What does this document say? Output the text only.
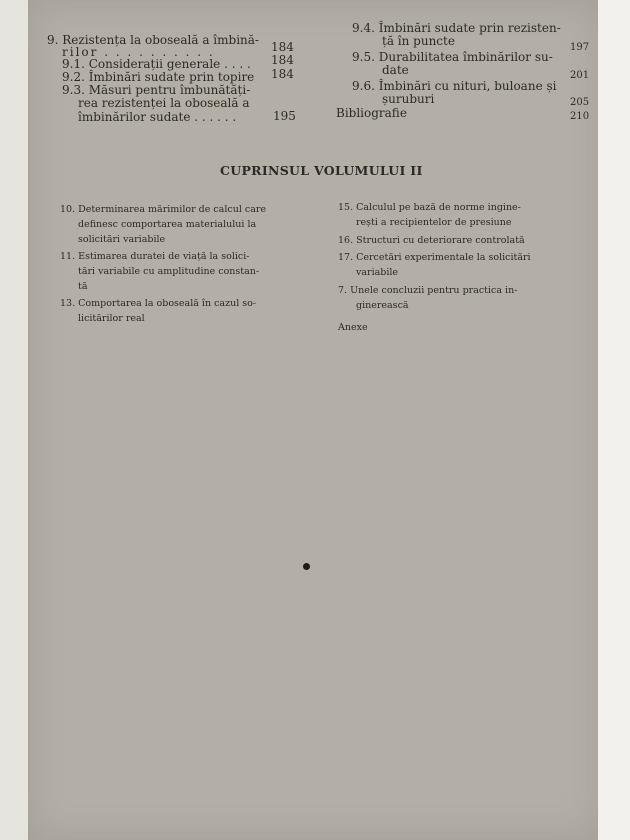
9. Rezistența la oboseală a îmbină-
rilor . . . . . . . . . .	184
9.1. Considerații generale . . . . 184
9.2. Îmbinări sudate prin topire 184
9.3. Măsuri pentru îmbunătăți-
rea rezistenței la oboseală a
îmbinărilor sudate . . . . . .	195
9.4. Îmbinări sudate prin rezisten-
ță în puncte	197
9.5. Durabilitatea îmbinărilor su-
date	201
9.6. Îmbinări cu nituri, buloane și
șuruburi	205
Bibliografie	210
CUPRINSUL VOLUMULUI II
10. Determinarea mărimilor de calcul care
definesc comportarea materialului la
solicitări variabile
11. Estimarea duratei de viață la solici-
tări variabile cu amplitudine constan-
tă
13. Comportarea la oboseală în cazul so-
licitărilor real
15. Calculul pe bază de norme ingine-
rești a recipientelor de presiune
16. Structuri cu deteriorare controlată
17. Cercetări experimentale la solicitări
variabile
7. Unele concluzii pentru practica in-
ginerească
Anexe
